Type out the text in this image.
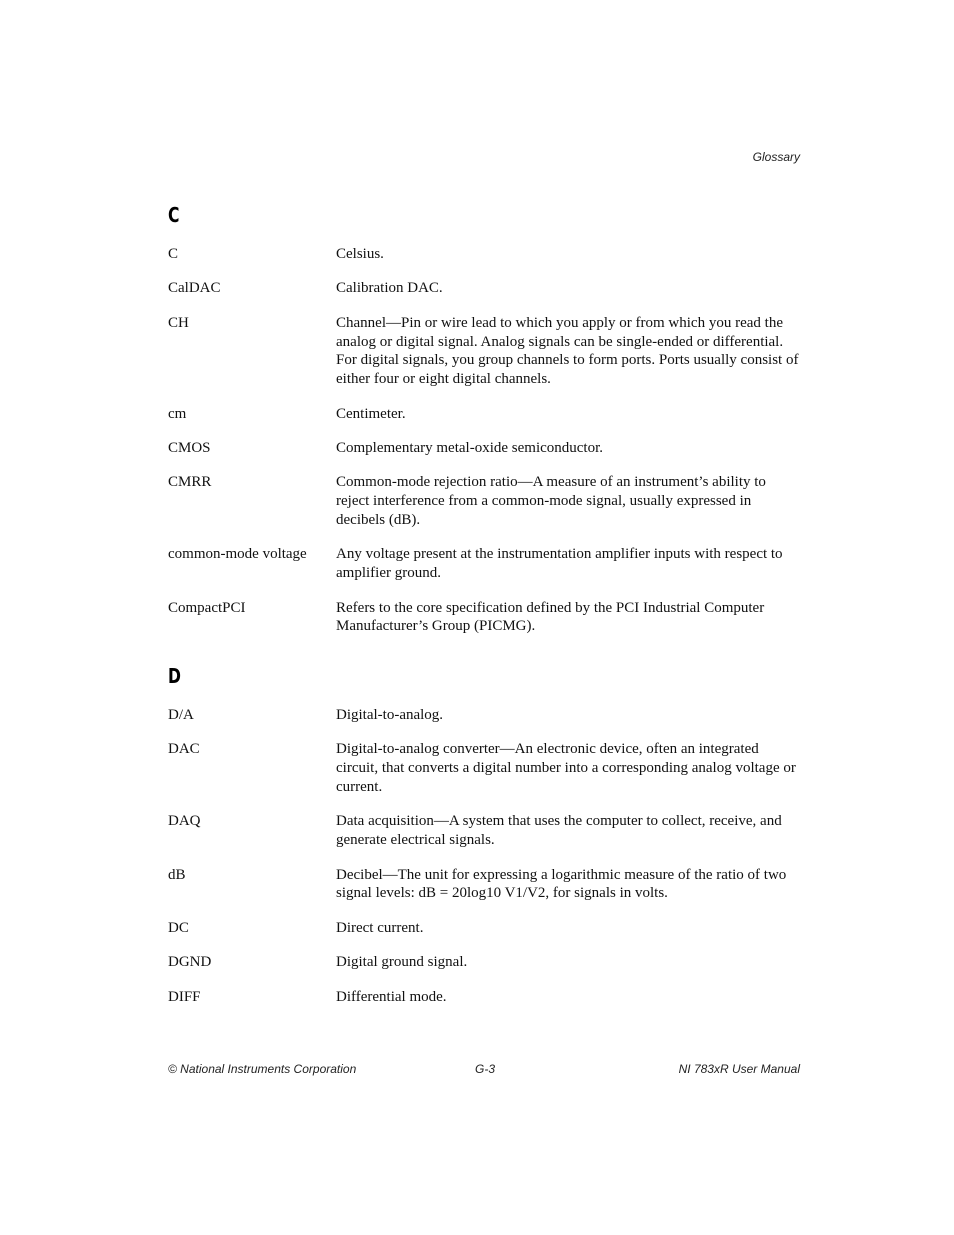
Glossary
C
C	Celsius.
CalDAC	Calibration DAC.
CH	Channel—Pin or wire lead to which you apply or from which you read the analog or digital signal. Analog signals can be single-ended or differential. For digital signals, you group channels to form ports. Ports usually consist of either four or eight digital channels.
cm	Centimeter.
CMOS	Complementary metal-oxide semiconductor.
CMRR	Common-mode rejection ratio—A measure of an instrument’s ability to reject interference from a common-mode signal, usually expressed in decibels (dB).
common-mode voltage	Any voltage present at the instrumentation amplifier inputs with respect to amplifier ground.
CompactPCI	Refers to the core specification defined by the PCI Industrial Computer Manufacturer’s Group (PICMG).
D
D/A	Digital-to-analog.
DAC	Digital-to-analog converter—An electronic device, often an integrated circuit, that converts a digital number into a corresponding analog voltage or current.
DAQ	Data acquisition—A system that uses the computer to collect, receive, and generate electrical signals.
dB	Decibel—The unit for expressing a logarithmic measure of the ratio of two signal levels: dB = 20log10 V1/V2, for signals in volts.
DC	Direct current.
DGND	Digital ground signal.
DIFF	Differential mode.
© National Instruments Corporation	G-3	NI 783xR User Manual
